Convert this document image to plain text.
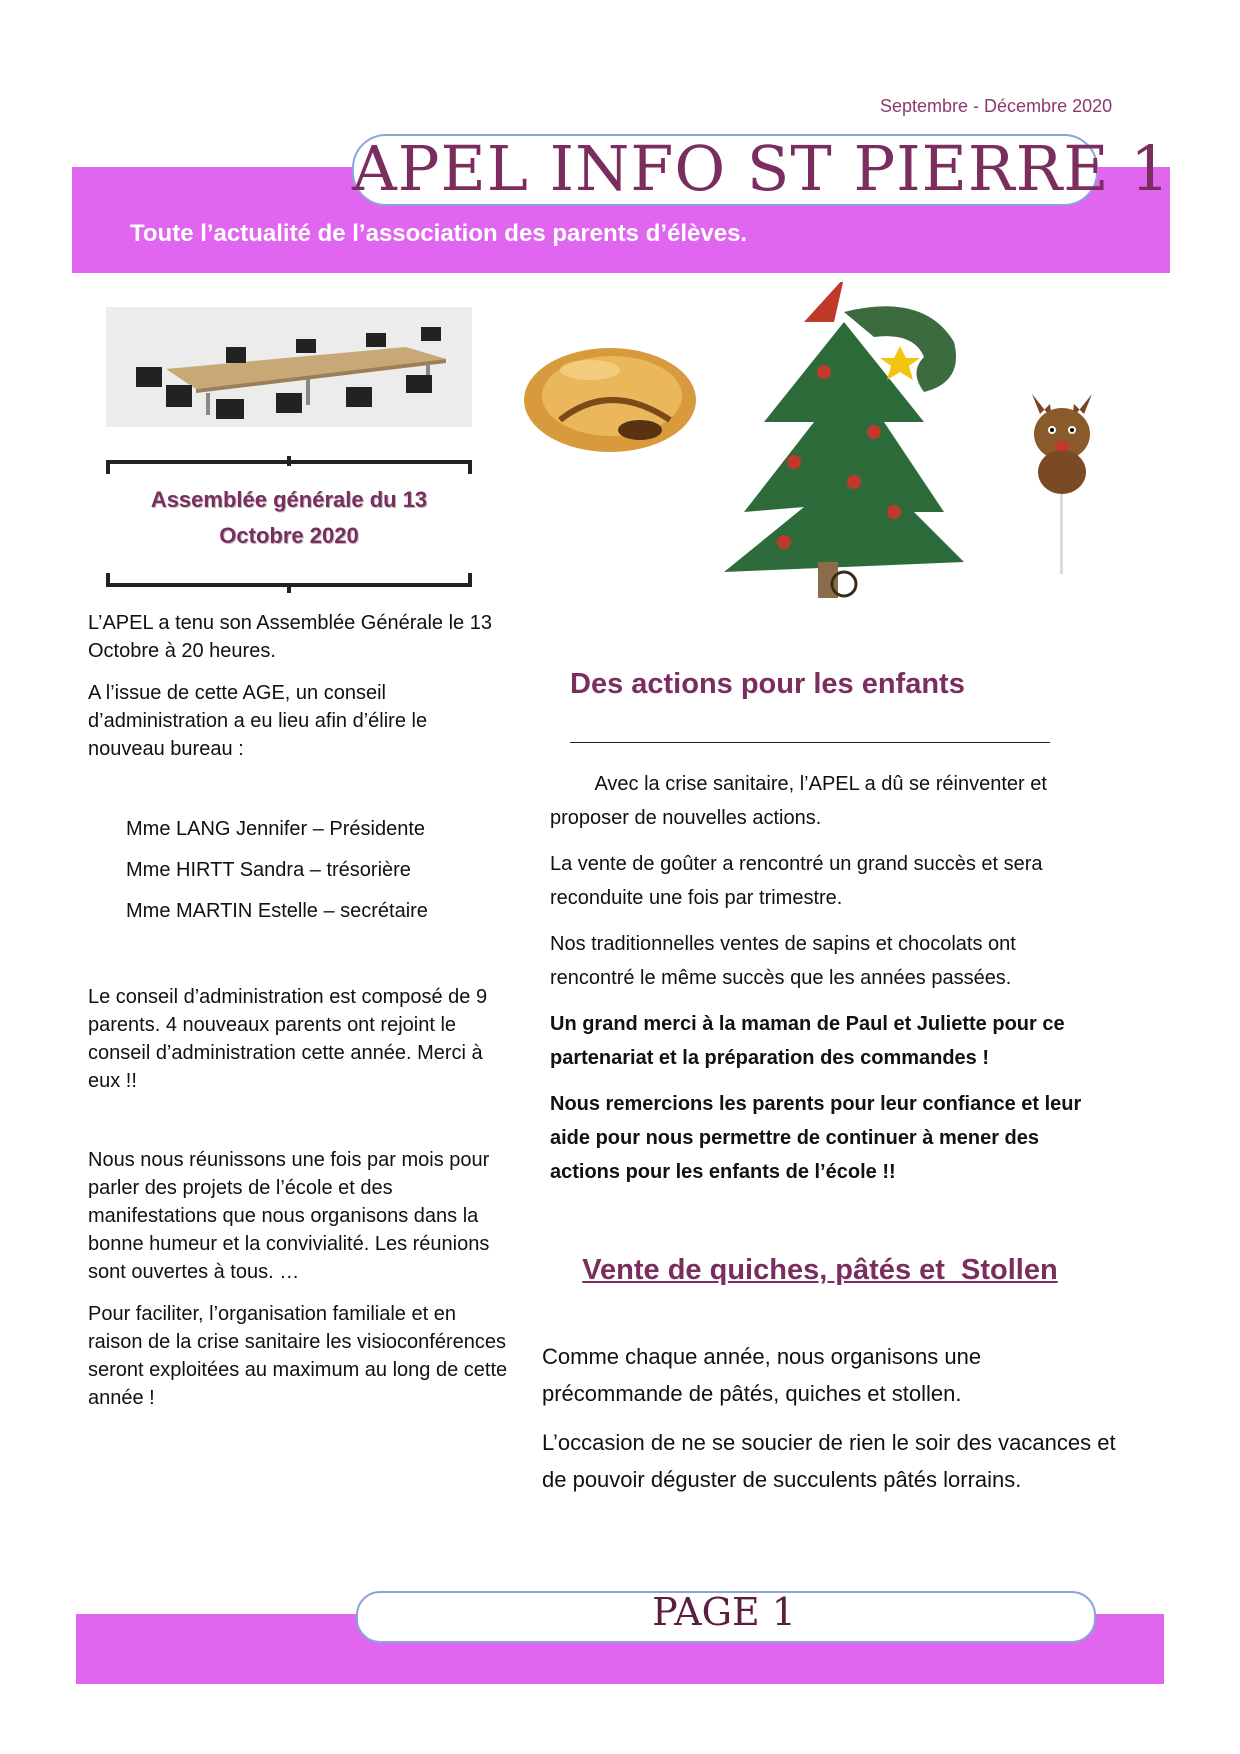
Septembre - Décembre 2020
APEL INFO ST PIERRE 1
Toute l’actualité de l’association des parents d’élèves.
Assemblée générale du 13
Octobre 2020

L’APEL a tenu son Assemblée Générale le 13 Octobre à 20 heures.

A l’issue de cette AGE, un conseil d’administration a eu lieu afin d’élire le nouveau bureau :

Mme LANG Jennifer – Présidente
Mme HIRTT Sandra – trésorière
Mme MARTIN Estelle – secrétaire

Le conseil d’administration est composé de 9 parents. 4 nouveaux parents ont rejoint le conseil d’administration cette année. Merci à eux !!

Nous nous réunissons une fois par mois pour parler des projets de l’école et des manifestations que nous organisons dans la bonne humeur et la convivialité. Les réunions sont ouvertes à tous. …

Pour faciliter, l’organisation familiale et en raison de la crise sanitaire les visioconférences seront exploitées au maximum au long de cette année !

Des actions pour les enfants

Avec la crise sanitaire, l’APEL a dû se réinventer et proposer de nouvelles actions.

La vente de goûter a rencontré un grand succès et sera reconduite une fois par trimestre.

Nos traditionnelles ventes de sapins et chocolats ont rencontré le même succès que les années passées.

Un grand merci à la maman de Paul et Juliette pour ce partenariat et la préparation des commandes !

Nous remercions les parents pour leur confiance et leur aide pour nous permettre de continuer à mener des actions pour les enfants de l’école !!

Vente de quiches, pâtés et  Stollen

Comme chaque année, nous organisons une précommande de pâtés, quiches et stollen.

L’occasion de ne se soucier de rien le soir des vacances et de pouvoir déguster de succulents pâtés lorrains.

PAGE 1
